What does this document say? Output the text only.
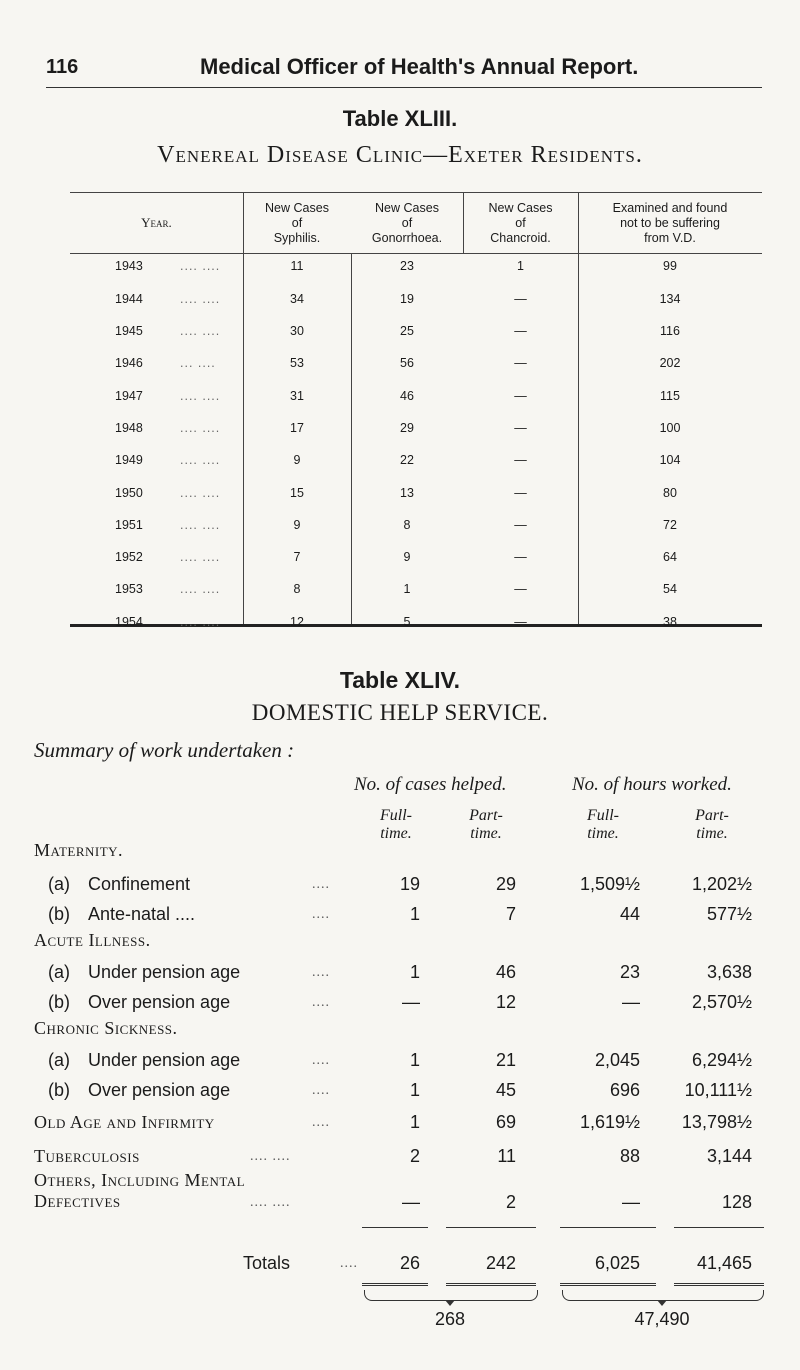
116	Medical Officer of Health's Annual Report.
Table XLIII.
Venereal Disease Clinic—Exeter Residents.
Year.
New Cases
of
Syphilis.
New Cases
of
Gonorrhoea.
New Cases
of
Chancroid.
Examined and found
not to be suffering
from V.D.
1943	.... ....	11	23	1	99
1944	.... ....	34	19	—	134
1945	.... ....	30	25	—	116
1946	... ....	53	56	—	202
1947	.... ....	31	46	—	115
1948	.... ....	17	29	—	100
1949	.... ....	9	22	—	104
1950	.... ....	15	13	—	80
1951	.... ....	9	8	—	72
1952	.... ....	7	9	—	64
1953	.... ....	8	1	—	54
1954	.... ....	12	5	—	38
Table XLIV.
DOMESTIC HELP SERVICE.
Summary of work undertaken :
No. of cases helped.	No. of hours worked.
Full-
time.
Part-
time.
Full-
time.
Part-
time.
Maternity.
Acute Illness.
Chronic Sickness.
(a) Confinement	....	19	29	1,509½	1,202½
(b) Ante-natal ....	....	1	7	44	577½
(a) Under pension age	....	1	46	23	3,638
(b) Over pension age	....	—	12	—	2,570½
(a) Under pension age	....	1	21	2,045	6,294½
(b) Over pension age	....	1	45	696	10,111½
Old Age and Infirmity	....	1	69	1,619½	13,798½
Tuberculosis	.... ....	2	11	88	3,144
Others, Including Mental
Defectives	.... ....	—	2	—	128
Totals	....	26	242	6,025	41,465
268	47,490
